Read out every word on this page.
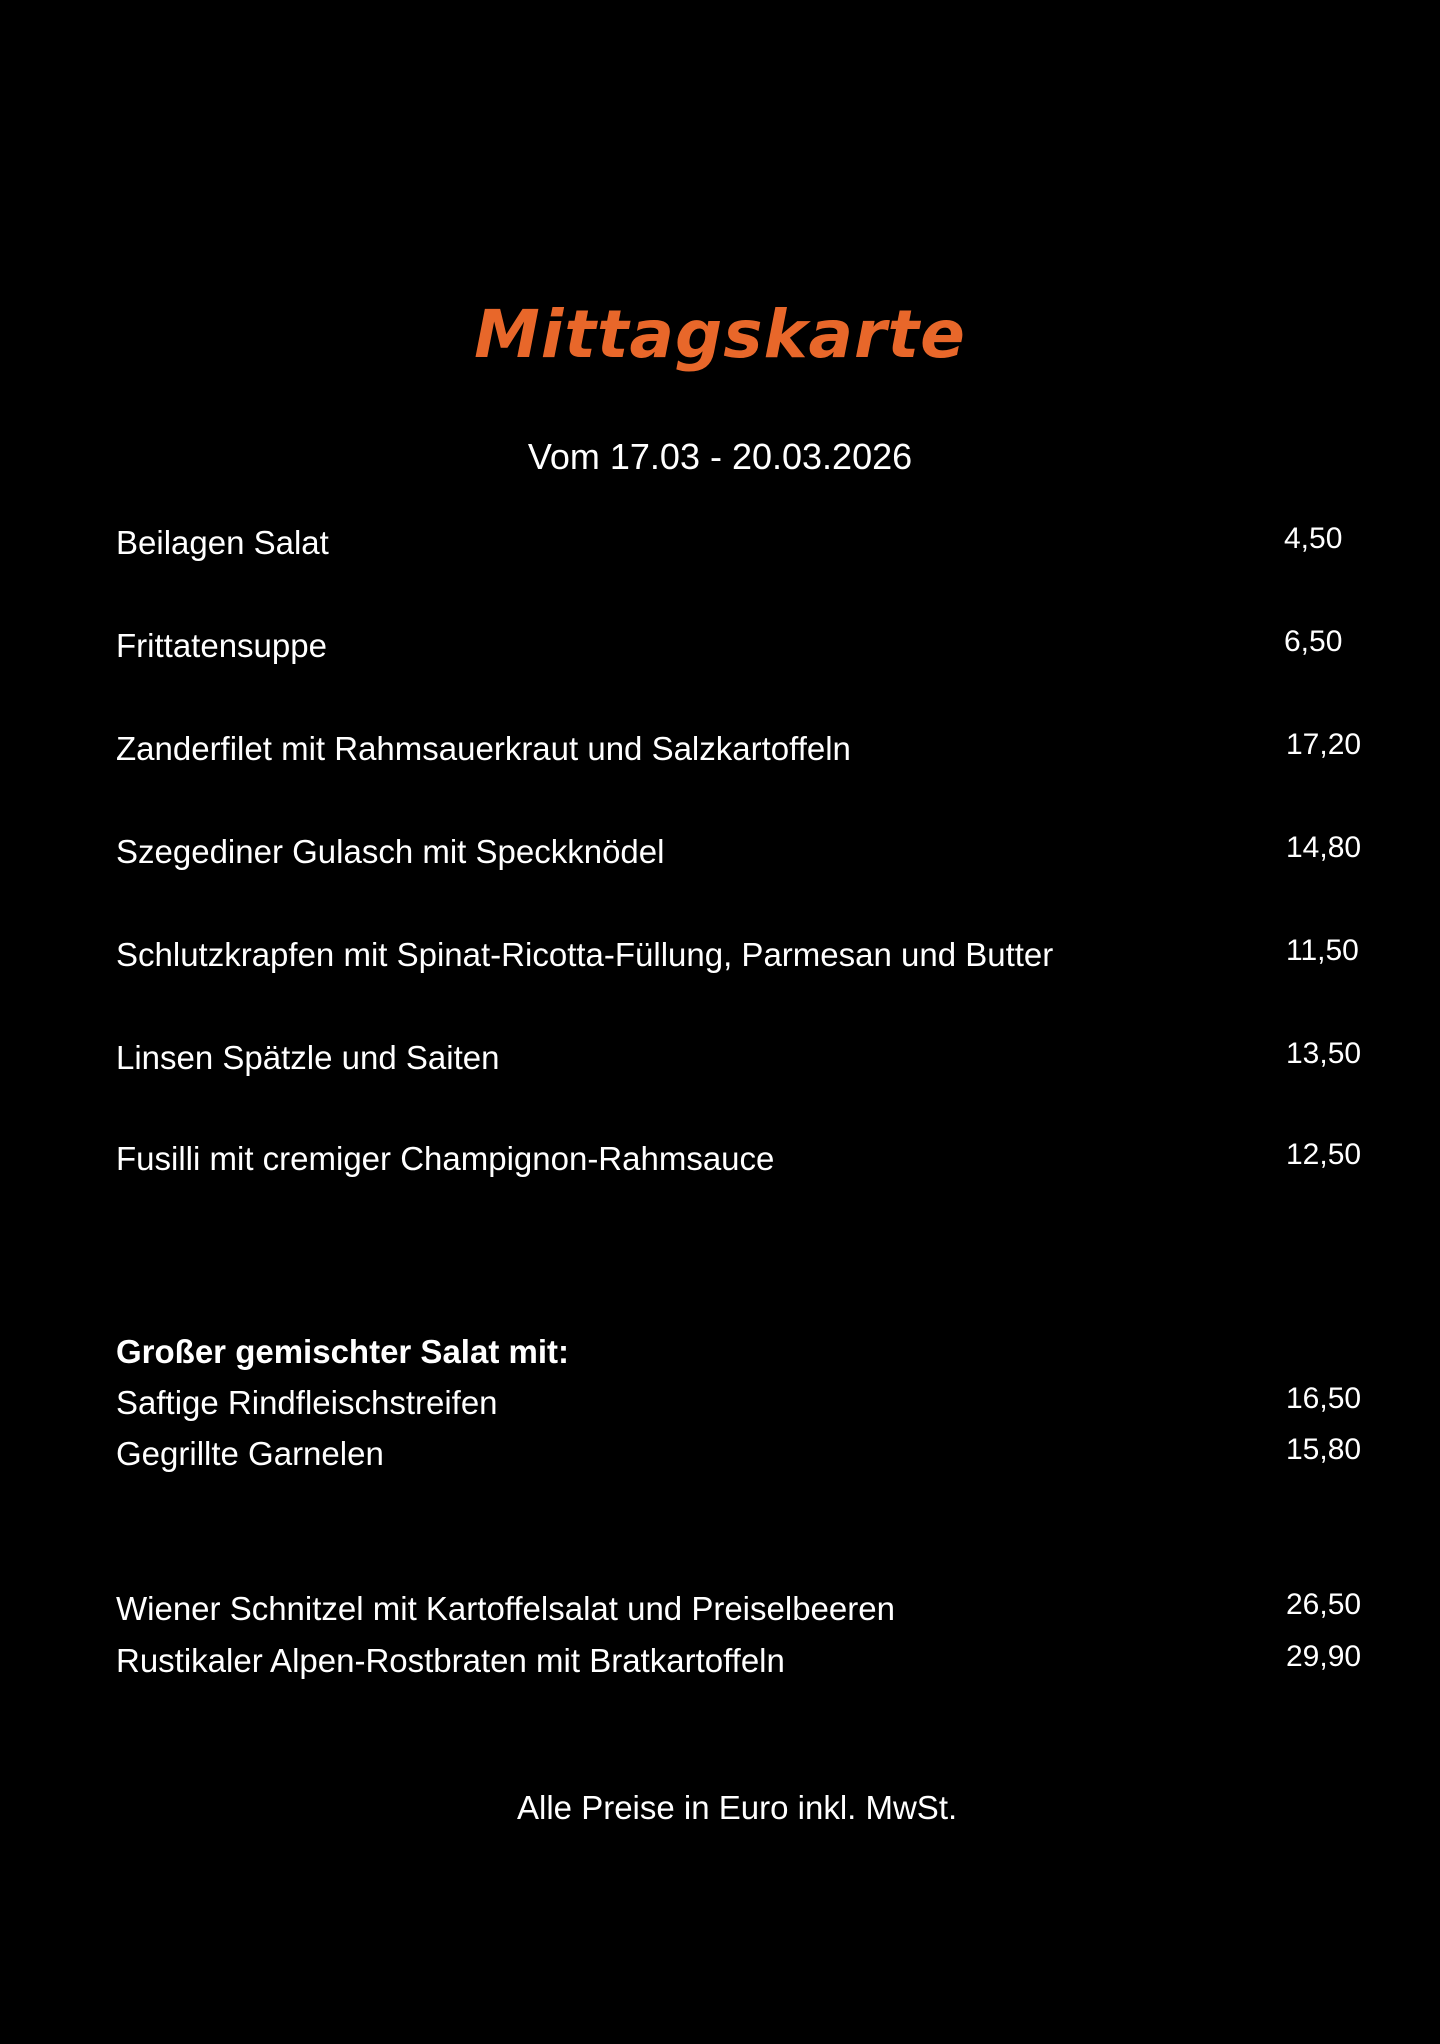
Mittagskarte

Vom 17.03 - 20.03.2026

Beilagen Salat	4,50
Frittatensuppe	6,50
Zanderfilet mit Rahmsauerkraut und Salzkartoffeln	17,20
Szegediner Gulasch mit Speckknödel	14,80
Schlutzkrapfen mit Spinat-Ricotta-Füllung, Parmesan und Butter	11,50
Linsen Spätzle und Saiten	13,50
Fusilli mit cremiger Champignon-Rahmsauce	12,50
Großer gemischter Salat mit:
Saftige Rindfleischstreifen	16,50
Gegrillte Garnelen	15,80
Wiener Schnitzel mit Kartoffelsalat und Preiselbeeren	26,50
Rustikaler Alpen-Rostbraten mit Bratkartoffeln	29,90

Alle Preise in Euro inkl. MwSt.
